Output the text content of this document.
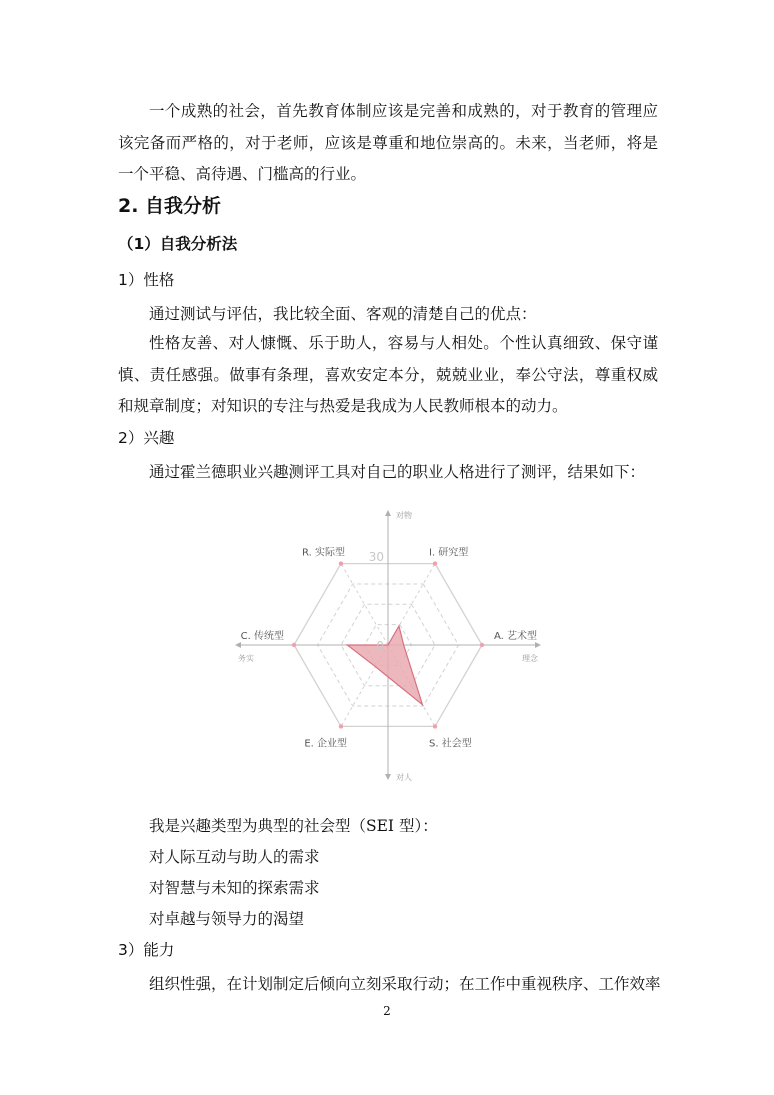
一个成熟的社会，首先教育体制应该是完善和成熟的，对于教育的管理应该完备而严格的，对于老师，应该是尊重和地位崇高的。未来，当老师，将是一个平稳、高待遇、门槛高的行业。

2. 自我分析
（1）自我分析法
1）性格
通过测试与评估，我比较全面、客观的清楚自己的优点：

性格友善、对人慷慨、乐于助人，容易与人相处。个性认真细致、保守谨慎、责任感强。做事有条理，喜欢安定本分，兢兢业业，奉公守法，尊重权威和规章制度；对知识的专注与热爱是我成为人民教师根本的动力。

2）兴趣
通过霍兰德职业兴趣测评工具对自己的职业人格进行了测评，结果如下：
I. 研究型
A. 艺术型
S. 社会型
E. 企业型
C. 传统型
R. 实际型 30
0
对物
对人
务实	理念
我是兴趣类型为典型的社会型（SEI 型）：
对人际互动与助人的需求
对智慧与未知的探索需求
对卓越与领导力的渴望
3）能力
组织性强，在计划制定后倾向立刻采取行动；在工作中重视秩序、工作效率
2
